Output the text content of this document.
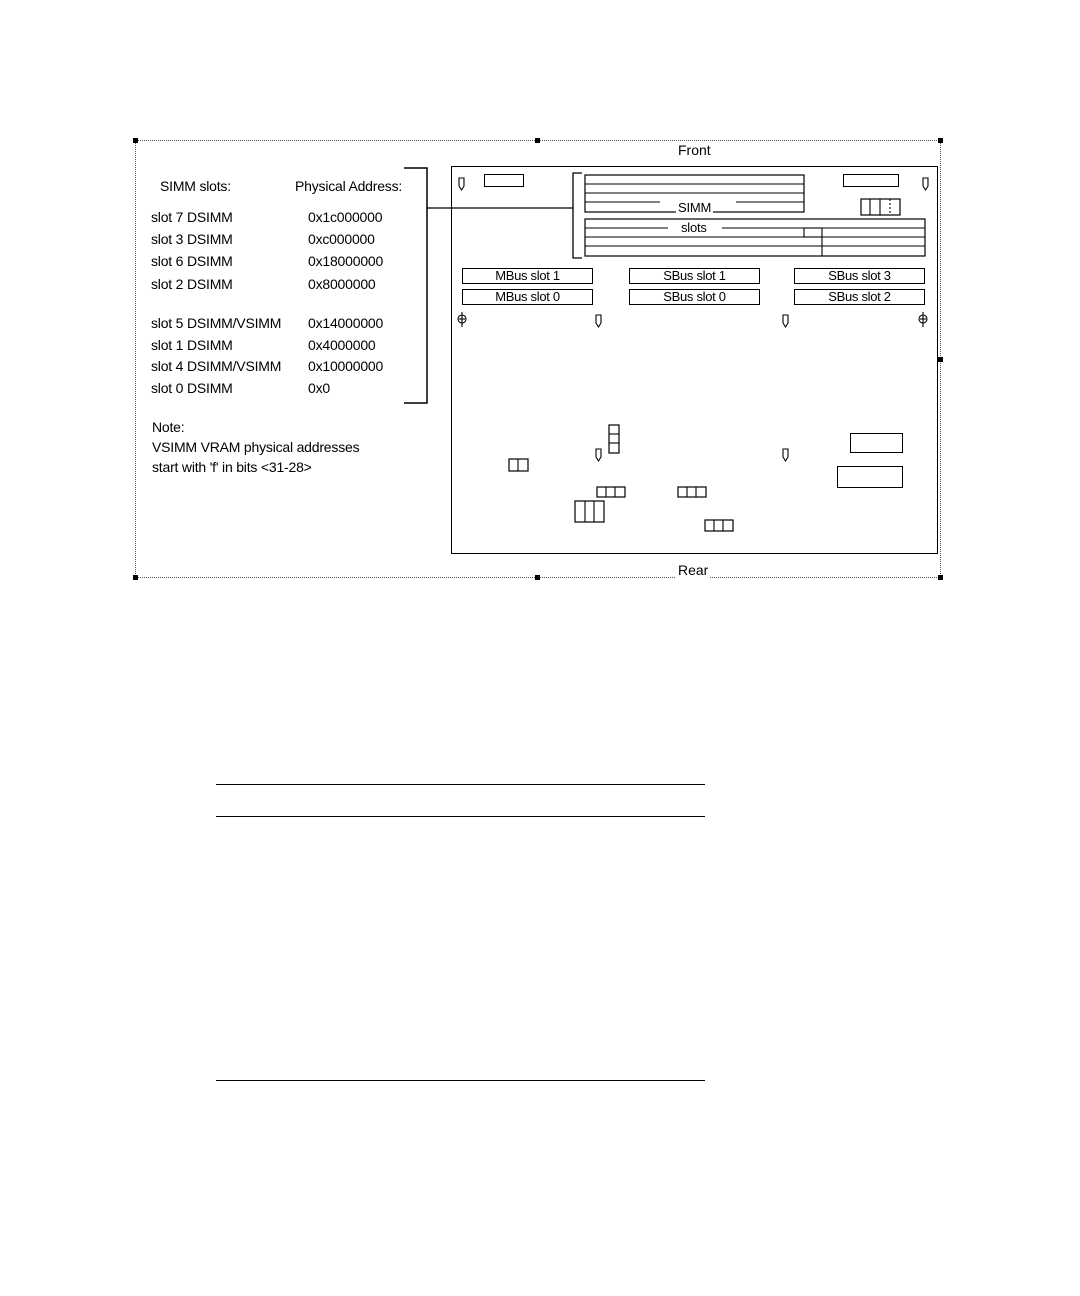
Front
Rear
SIMM slots:	Physical Address:
slot 7 DSIMM	0x1c000000
slot 3 DSIMM	0xc000000
slot 6 DSIMM	0x18000000
slot 2 DSIMM	0x8000000
slot 5 DSIMM/VSIMM 0x14000000
slot 1 DSIMM	0x4000000
slot 4 DSIMM/VSIMM 0x10000000
slot 0 DSIMM	0x0
Note:
VSIMM VRAM physical addresses
start with 'f' in bits <31-28>
SIMM
slots
MBus slot 1
MBus slot 0
SBus slot 1
SBus slot 0
SBus slot 3
SBus slot 2
